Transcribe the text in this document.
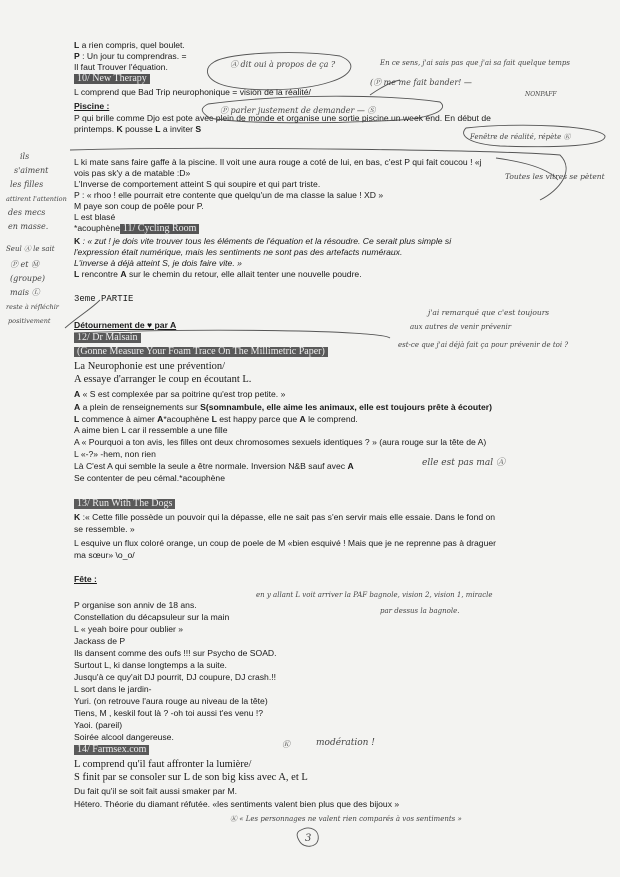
L a rien compris, quel boulet.
P : Un jour tu comprendras. =
Il faut Trouver l'équation.
10/ New Therapy
L comprend que Bad Trip neurophonique = vision de la réalité/
Piscine :
P qui brille comme Djo est pote avec plein de monde et organise une sortie piscine un week end. En début de
printemps. K pousse L a inviter S
L ki mate sans faire gaffe à la piscine. Il voit une aura rouge a coté de lui, en bas, c'est P qui fait coucou ! «j
vois pas sk'y a de matable :D»
L'Inverse de comportement atteint S qui soupire et qui part triste.
P : « rhoo ! elle pourrait etre contente que quelqu'un de ma classe la salue ! XD »
M paye son coup de poêle pour P.
L est blasé
*acouphène 11/ Cycling Room
K : « zut ! je dois vite trouver tous les éléments de l'équation et la résoudre. Ce serait plus simple si
l'expression était numérique, mais les sentiments ne sont pas des artefacts numéraux.
L'inverse à déjà atteint S, je dois faire vite. »
L rencontre A sur le chemin du retour, elle allait tenter une nouvelle poudre.
3eme PARTIE
Détournement de ♥ par A
12/ Dr Malsain
(Gonne Measure Your Foam Trace On The Millimetric Paper)
La Neurophonie est une prévention/
A essaye d'arranger le coup en écoutant L.
A « S est complexée par sa poitrine qu'est trop petite. »
A a plein de renseignements sur S(somnambule, elle aime les animaux, elle est toujours prête à écouter)
L commence à aimer A*acouphène L est happy parce que A le comprend.
A aime bien L car il ressemble a une fille
A « Pourquoi a ton avis, les filles ont deux chromosomes sexuels identiques ? » (aura rouge sur la tête de A)
L «-?» -hem, non rien
Là C'est A qui semble la seule a être normale. Inversion N&B sauf avec A
Se contenter de peu cémal.*acouphène
13/ Run With The Dogs
K :« Cette fille possède un pouvoir qui la dépasse, elle ne sait pas s'en servir mais elle essaie. Dans le fond on
se ressemble. »
L esquive un flux coloré orange, un coup de poele de M «bien esquivé ! Mais que je ne reprenne pas à draguer
ma sœur» \o_o/
Fête :
P organise son anniv de 18 ans.
Constellation du décapsuleur sur la main
L « yeah boire pour oublier »
Jackass de P
Ils dansent comme des oufs !!! sur Psycho de SOAD.
Surtout L, ki danse longtemps a la suite.
Jusqu'à ce quy'ait DJ pourrit, DJ coupure, DJ crash.!!
L sort dans le jardin-
Yuri. (on retrouve l'aura rouge au niveau de la tête)
Tiens, M , keskil fout là ? -oh toi aussi t'es venu !?
Yaoi. (pareil)
Soirée alcool dangereuse.
14/ Farmsex.com
L comprend qu'il faut affronter la lumière/
S finit par se consoler sur L de son big kiss avec A, et L
Du fait qu'il se soit fait aussi smaker par M.
Hétero. Théorie du diamant réfutée. «les sentiments valent bien plus que des bijoux »
Ⓐ dit oui à propos de ça ?	En ce sens, j'ai sais pas que j'ai sa fait quelque temps
(Ⓟ me me fait bander! —
NONPAFF
Ⓟ parler justement de demander — Ⓢ
Fenêtre de réalité, répète Ⓚ
Toutes les vitres se pètent
ils
s'aiment
les filles
attirent l'attention
des mecs
en masse.
Seul Ⓐ le sait
Ⓟ et Ⓜ
(groupe)
mais Ⓛ
reste à réfléchir
positivement
j'ai remarqué que c'est toujours
aux autres de venir prévenir
est-ce que j'ai déjà fait ça pour prévenir de toi ?
elle est pas mal Ⓐ
en y allant L voit arriver la PAF bagnole, vision 2, vision 1, miracle
par dessus la bagnole.
Ⓚ	modération !
Ⓚ « Les personnages ne valent rien comparés à vos sentiments »
3
